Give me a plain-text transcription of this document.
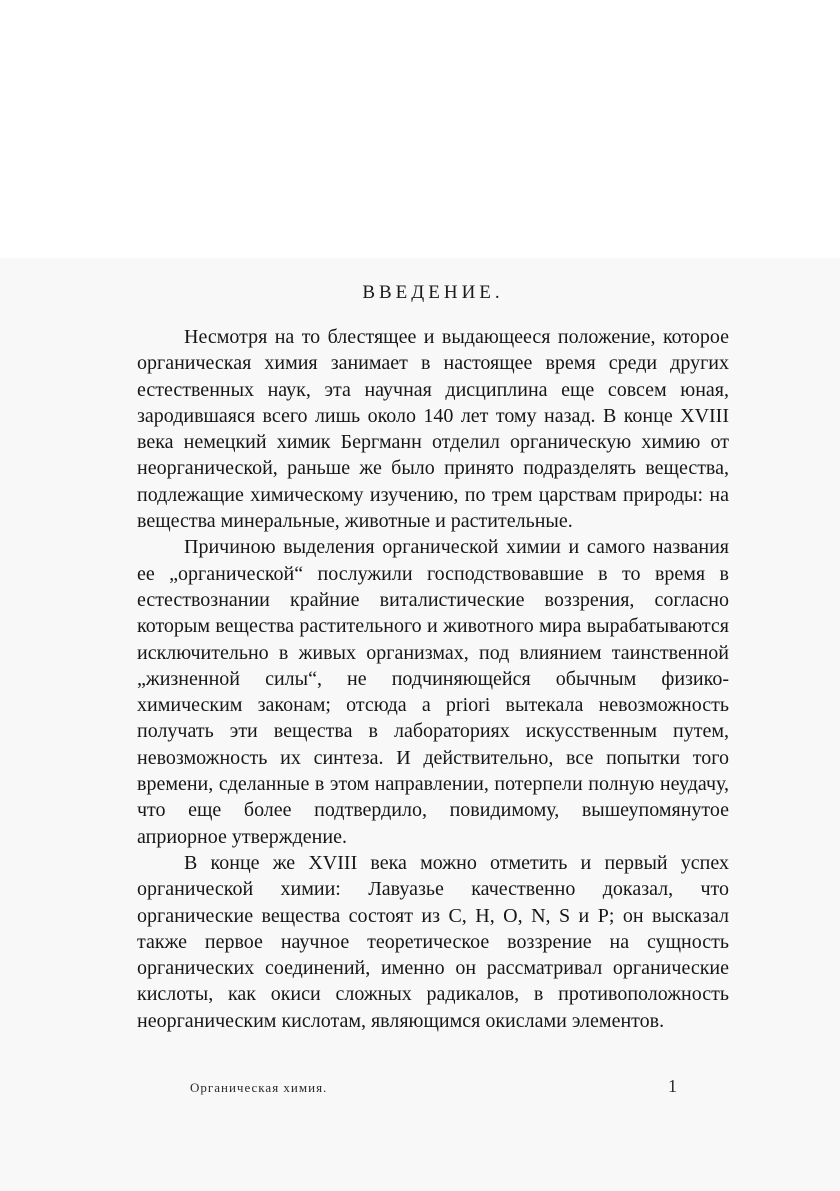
ВВЕДЕНИЕ.

Несмотря на то блестящее и выдающееся положение, которое органическая химия занимает в настоящее время среди других естественных наук, эта научная дисциплина еще совсем юная, зародившаяся всего лишь около 140 лет тому назад. В конце XVIII века немецкий химик Бергманн отделил органическую химию от неорганической, раньше же было принято подразделять вещества, подлежащие химическому изучению, по трем царствам природы: на вещества минеральные, животные и растительные.

Причиною выделения органической химии и самого названия ее „органической“ послужили господствовавшие в то время в естествознании крайние виталистические воззрения, согласно которым вещества растительного и животного мира вырабатываются исключительно в живых организмах, под влиянием таинственной „жизненной силы“, не подчиняющейся обычным физико-химическим законам; отсюда a priori вытекала невозможность получать эти вещества в лабораториях искусственным путем, невозможность их синтеза. И действительно, все попытки того времени, сделанные в этом направлении, потерпели полную неудачу, что еще более подтвердило, повидимому, вышеупомянутое априорное утверждение.

В конце же XVIII века можно отметить и первый успех органической химии: Лавуазье качественно доказал, что органические вещества состоят из C, H, O, N, S и P; он высказал также первое научное теоретическое воззрение на сущность органических соединений, именно он рассматривал органические кислоты, как окиси сложных радикалов, в противоположность неорганическим кислотам, являющимся окислами элементов.

Органическая химия.	1
